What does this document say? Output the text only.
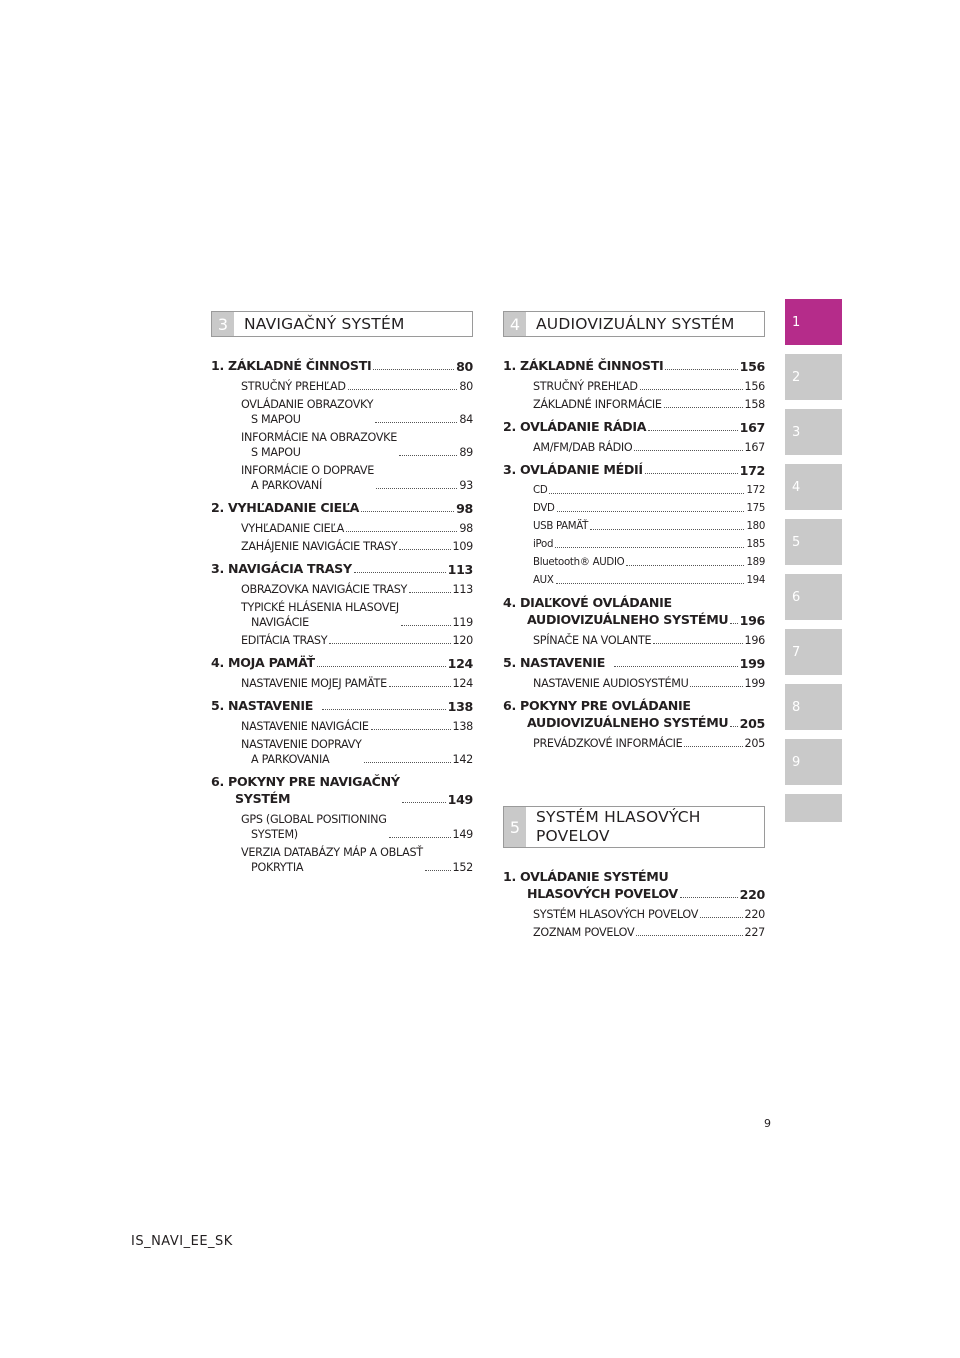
3	NAVIGAČNÝ SYSTÉM
1. ZÁKLADNÉ ČINNOSTI	80
STRUČNÝ PREHĽAD	80
OVLÁDANIE OBRAZOVKY
S MAPOU	84
INFORMÁCIE NA OBRAZOVKE
S MAPOU	89
INFORMÁCIE O DOPRAVE
A PARKOVANÍ	93
2. VYHĽADANIE CIEĽA	98
VYHĽADANIE CIEĽA	98
ZAHÁJENIE NAVIGÁCIE TRASY	109
3. NAVIGÁCIA TRASY	113
OBRAZOVKA NAVIGÁCIE TRASY	113
TYPICKÉ HLÁSENIA HLASOVEJ
NAVIGÁCIE	119
EDITÁCIA TRASY	120
4. MOJA PAMÄŤ	124
NASTAVENIE MOJEJ PAMÄTE	124
5. NASTAVENIE	138
NASTAVENIE NAVIGÁCIE	138
NASTAVENIE DOPRAVY
A PARKOVANIA	142
6. POKYNY PRE NAVIGAČNÝ
SYSTÉM	149
GPS (GLOBAL POSITIONING
SYSTEM)	149
VERZIA DATABÁZY MÁP A OBLASŤ
POKRYTIA	152
4	AUDIOVIZUÁLNY SYSTÉM
1. ZÁKLADNÉ ČINNOSTI	156
STRUČNÝ PREHĽAD	156
ZÁKLADNÉ INFORMÁCIE	158
2. OVLÁDANIE RÁDIA	167
AM/FM/DAB RÁDIO	167
3. OVLÁDANIE MÉDIÍ	172
CD	172
DVD	175
USB PAMÄŤ	180
iPod	185
Bluetooth® AUDIO	189
AUX	194
4. DIAĽKOVÉ OVLÁDANIE
AUDIOVIZUÁLNEHO SYSTÉMU 196
SPÍNAČE NA VOLANTE	196
5. NASTAVENIE	199
NASTAVENIE AUDIOSYSTÉMU	199
6. POKYNY PRE OVLÁDANIE
AUDIOVIZUÁLNEHO SYSTÉMU 205
PREVÁDZKOVÉ INFORMÁCIE	205
5
SYSTÉM HLASOVÝCH
POVELOV
1. OVLÁDANIE SYSTÉMU
HLASOVÝCH POVELOV	220
SYSTÉM HLASOVÝCH POVELOV	220
ZOZNAM POVELOV	227
1
2
3
4
5
6
7
8
9
9
IS_NAVI_EE_SK
